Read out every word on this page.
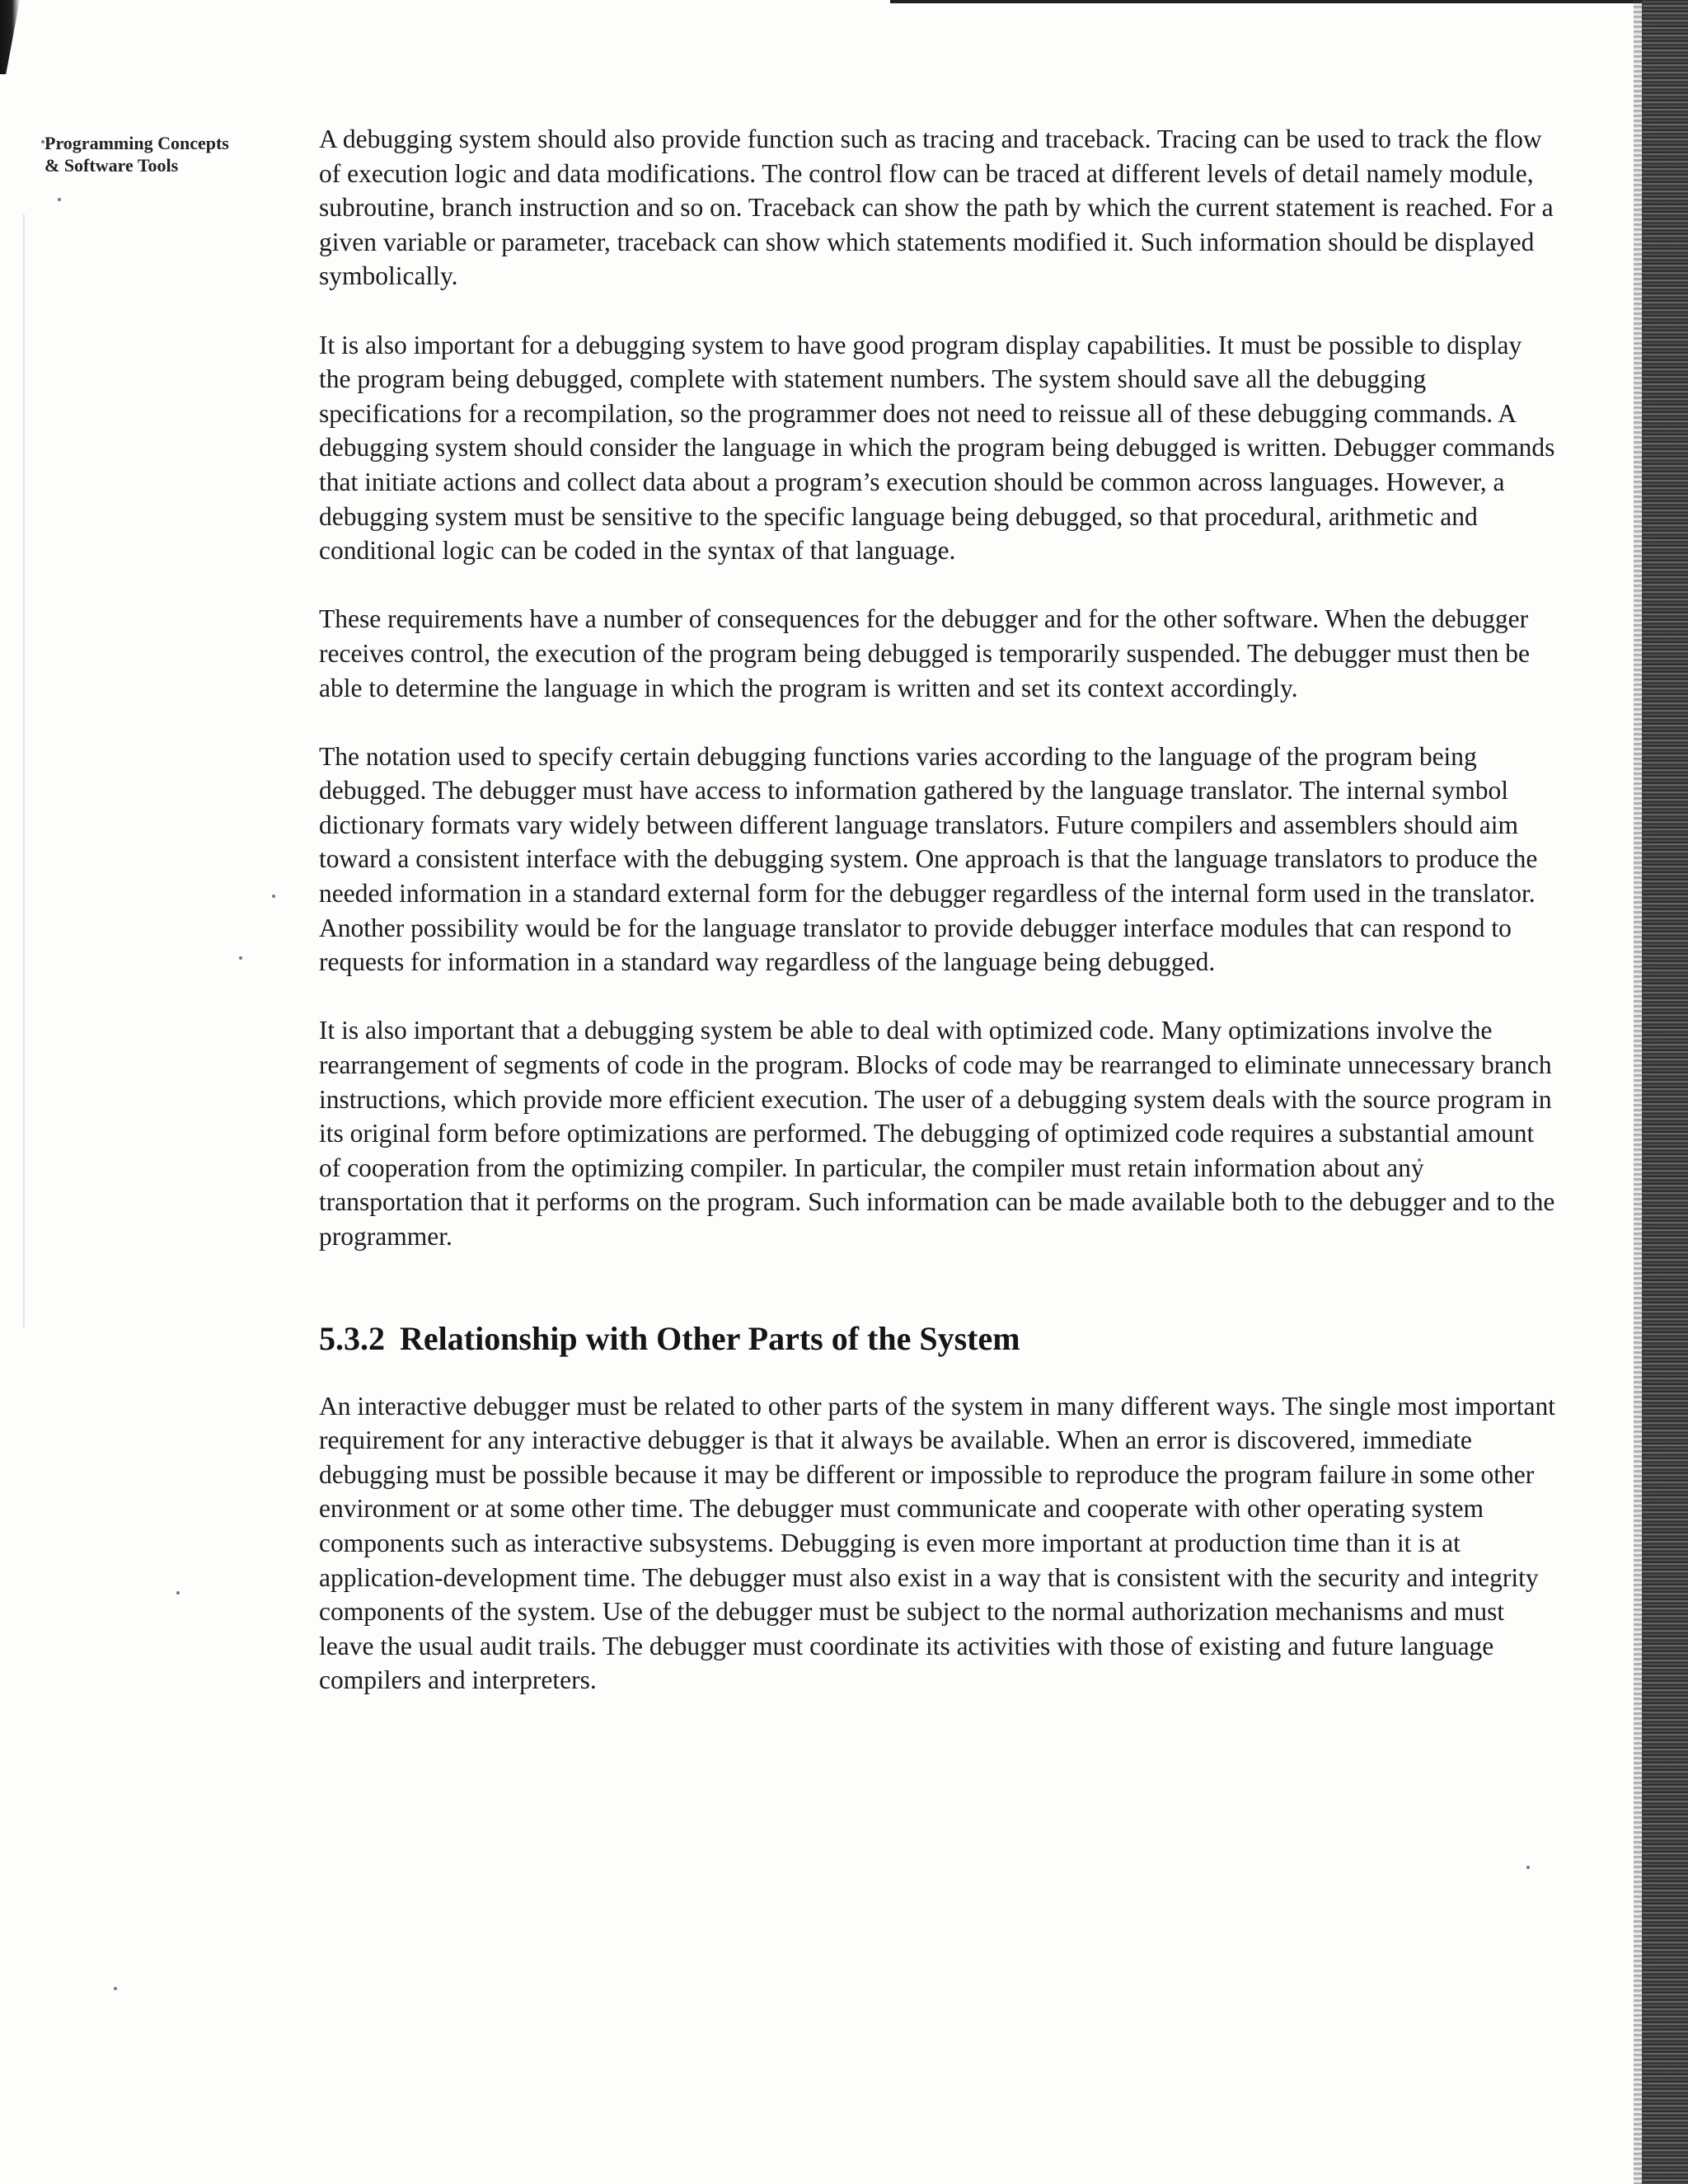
Programming Concepts
& Software Tools

A debugging system should also provide function such as tracing and traceback. Tracing can be used to track the flow of execution logic and data modifications. The control flow can be traced at different levels of detail namely module, subroutine, branch instruction and so on. Traceback can show the path by which the current statement is reached. For a given variable or parameter, traceback can show which statements modified it. Such information should be displayed symbolically.

It is also important for a debugging system to have good program display capabilities. It must be possible to display the program being debugged, complete with statement numbers. The system should save all the debugging specifications for a recompilation, so the programmer does not need to reissue all of these debugging commands. A debugging system should consider the language in which the program being debugged is written. Debugger commands that initiate actions and collect data about a program’s execution should be common across languages. However, a debugging system must be sensitive to the specific language being debugged, so that procedural, arithmetic and conditional logic can be coded in the syntax of that language.

These requirements have a number of consequences for the debugger and for the other software. When the debugger receives control, the execution of the program being debugged is temporarily suspended. The debugger must then be able to determine the language in which the program is written and set its context accordingly.

The notation used to specify certain debugging functions varies according to the language of the program being debugged. The debugger must have access to information gathered by the language translator. The internal symbol dictionary formats vary widely between different language translators. Future compilers and assemblers should aim toward a consistent interface with the debugging system. One approach is that the language translators to produce the needed information in a standard external form for the debugger regardless of the internal form used in the translator. Another possibility would be for the language translator to provide debugger interface modules that can respond to requests for information in a standard way regardless of the language being debugged.

It is also important that a debugging system be able to deal with optimized code. Many optimizations involve the rearrangement of segments of code in the program. Blocks of code may be rearranged to eliminate unnecessary branch instructions, which provide more efficient execution. The user of a debugging system deals with the source program in its original form before optimizations are performed. The debugging of optimized code requires a substantial amount of cooperation from the optimizing compiler. In particular, the compiler must retain information about any transportation that it performs on the program. Such information can be made available both to the debugger and to the programmer.

5.3.2 Relationship with Other Parts of the System

An interactive debugger must be related to other parts of the system in many different ways. The single most important requirement for any interactive debugger is that it always be available. When an error is discovered, immediate debugging must be possible because it may be different or impossible to reproduce the program failure in some other environment or at some other time. The debugger must communicate and cooperate with other operating system components such as interactive subsystems. Debugging is even more important at production time than it is at application-development time. The debugger must also exist in a way that is consistent with the security and integrity components of the system. Use of the debugger must be subject to the normal authorization mechanisms and must leave the usual audit trails. The debugger must coordinate its activities with those of existing and future language compilers and interpreters.
